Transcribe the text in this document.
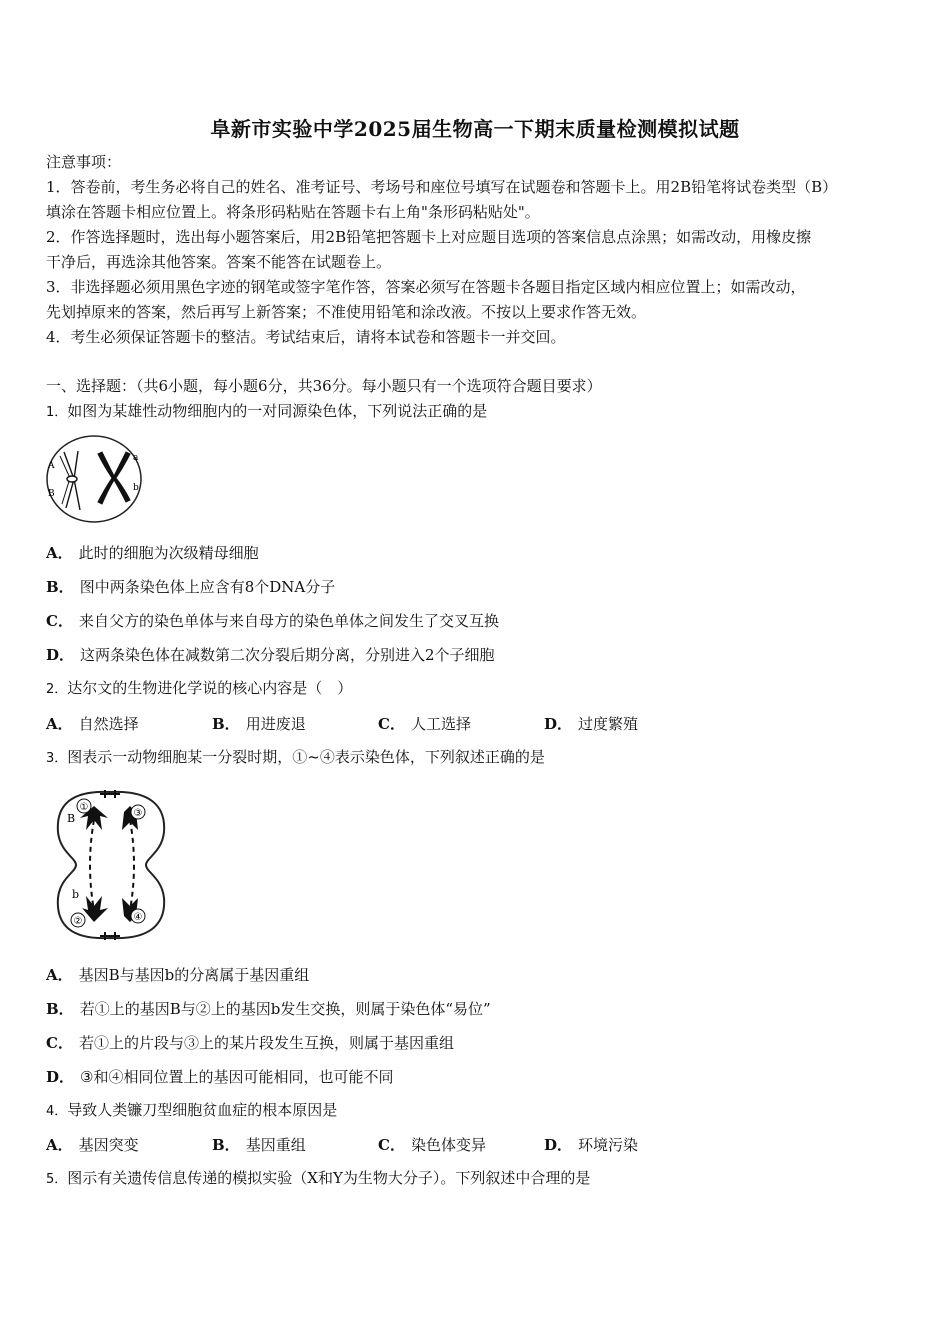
阜新市实验中学2025届生物高一下期末质量检测模拟试题
注意事项：
1．答卷前，考生务必将自己的姓名、准考证号、考场号和座位号填写在试题卷和答题卡上。用2B铅笔将试卷类型（B）
填涂在答题卡相应位置上。将条形码粘贴在答题卡右上角"条形码粘贴处"。
2．作答选择题时，选出每小题答案后，用2B铅笔把答题卡上对应题目选项的答案信息点涂黑；如需改动，用橡皮擦
干净后，再选涂其他答案。答案不能答在试题卷上。
3．非选择题必须用黑色字迹的钢笔或签字笔作答，答案必须写在答题卡各题目指定区域内相应位置上；如需改动，
先划掉原来的答案，然后再写上新答案；不准使用铅笔和涂改液。不按以上要求作答无效。
4．考生必须保证答题卡的整洁。考试结束后，请将本试卷和答题卡一并交回。
一、选择题：（共6小题，每小题6分，共36分。每小题只有一个选项符合题目要求）
1．如图为某雄性动物细胞内的一对同源染色体，下列说法正确的是
A
B
a
b
A． 此时的细胞为次级精母细胞
B． 图中两条染色体上应含有8个DNA分子
C． 来自父方的染色单体与来自母方的染色单体之间发生了交叉互换
D． 这两条染色体在减数第二次分裂后期分离，分别进入2个子细胞
2．达尔文的生物进化学说的核心内容是（　）
A． 自然选择	B． 用进废退	C． 人工选择	D． 过度繁殖
3．图表示一动物细胞某一分裂时期，①~④表示染色体，下列叙述正确的是
①
③
②	④
B
b
A． 基因B与基因b的分离属于基因重组
B． 若①上的基因B与②上的基因b发生交换，则属于染色体“易位”
C． 若①上的片段与③上的某片段发生互换，则属于基因重组
D． ③和④相同位置上的基因可能相同，也可能不同
4．导致人类镰刀型细胞贫血症的根本原因是
A． 基因突变	B． 基因重组	C． 染色体变异	D． 环境污染
5．图示有关遗传信息传递的模拟实验（X和Y为生物大分子）。下列叙述中合理的是
